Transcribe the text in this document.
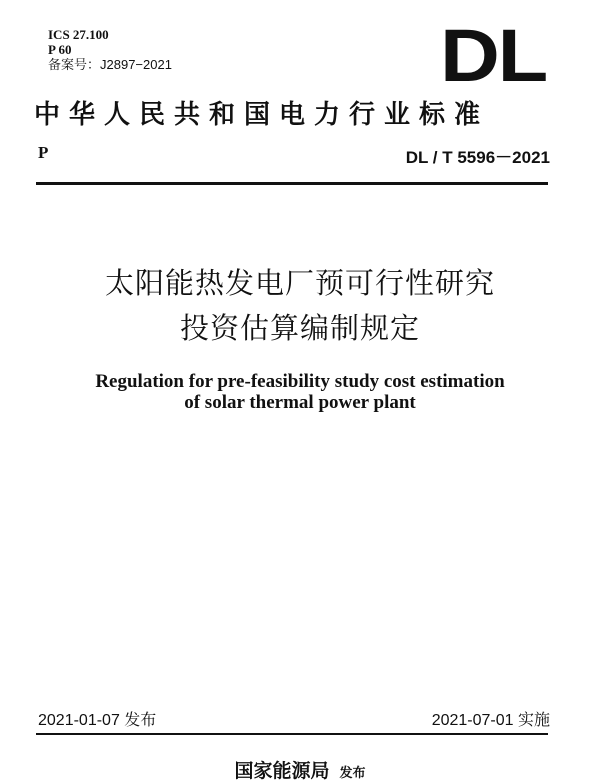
ICS 27.100
P 60
备案号：J2897−2021	DL
中华人民共和国电力行业标准
P	DL / T 5596－2021
太阳能热发电厂预可行性研究
投资估算编制规定
Regulation for pre-feasibility study cost estimation
of solar thermal power plant
2021-01-07 发布	2021-07-01 实施
国家能源局 发布
